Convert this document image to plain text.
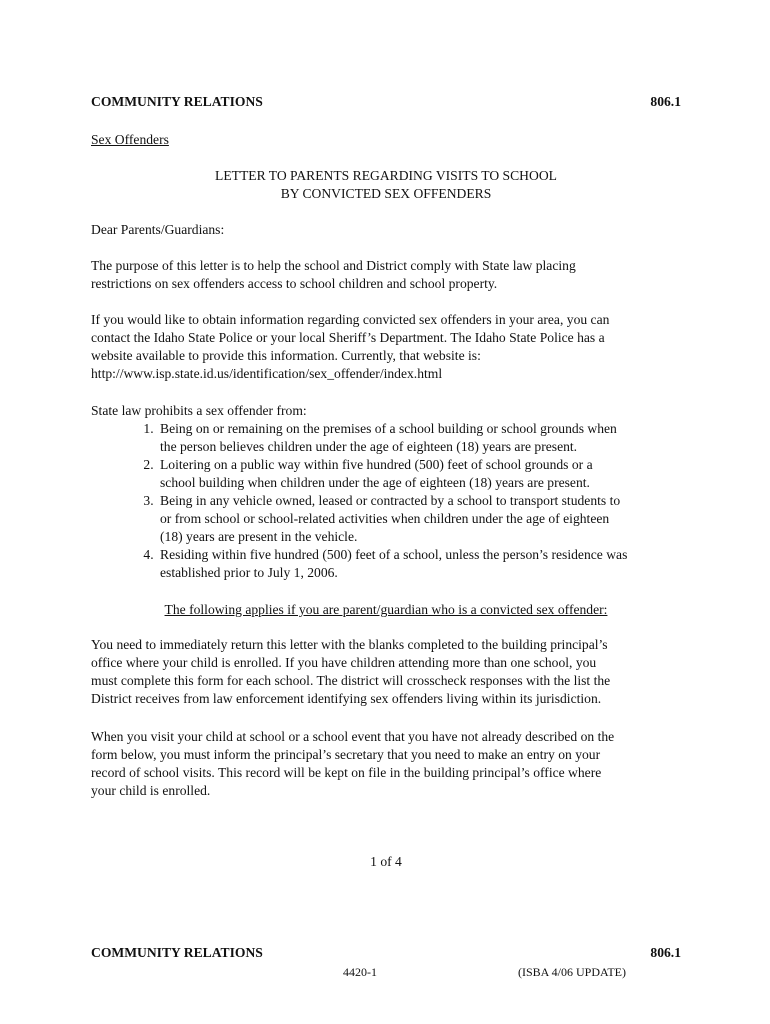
COMMUNITY RELATIONS	806.1
Sex Offenders
LETTER TO PARENTS REGARDING VISITS TO SCHOOL
BY CONVICTED SEX OFFENDERS
Dear Parents/Guardians:
The purpose of this letter is to help the school and District comply with State law placing
restrictions on sex offenders access to school children and school property.
If you would like to obtain information regarding convicted sex offenders in your area, you can
contact the Idaho State Police or your local Sheriff’s Department. The Idaho State Police has a
website available to provide this information. Currently, that website is:
http://www.isp.state.id.us/identification/sex_offender/index.html
State law prohibits a sex offender from:
1. Being on or remaining on the premises of a school building or school grounds when
the person believes children under the age of eighteen (18) years are present.
2. Loitering on a public way within five hundred (500) feet of school grounds or a
school building when children under the age of eighteen (18) years are present.
3. Being in any vehicle owned, leased or contracted by a school to transport students to
or from school or school-related activities when children under the age of eighteen
(18) years are present in the vehicle.
4. Residing within five hundred (500) feet of a school, unless the person’s residence was
established prior to July 1, 2006.
The following applies if you are parent/guardian who is a convicted sex offender:
You need to immediately return this letter with the blanks completed to the building principal’s
office where your child is enrolled. If you have children attending more than one school, you
must complete this form for each school. The district will crosscheck responses with the list the
District receives from law enforcement identifying sex offenders living within its jurisdiction.
When you visit your child at school or a school event that you have not already described on the
form below, you must inform the principal’s secretary that you need to make an entry on your
record of school visits. This record will be kept on file in the building principal’s office where
your child is enrolled.
1 of 4
COMMUNITY RELATIONS	806.1
4420-1	(ISBA 4/06 UPDATE)
